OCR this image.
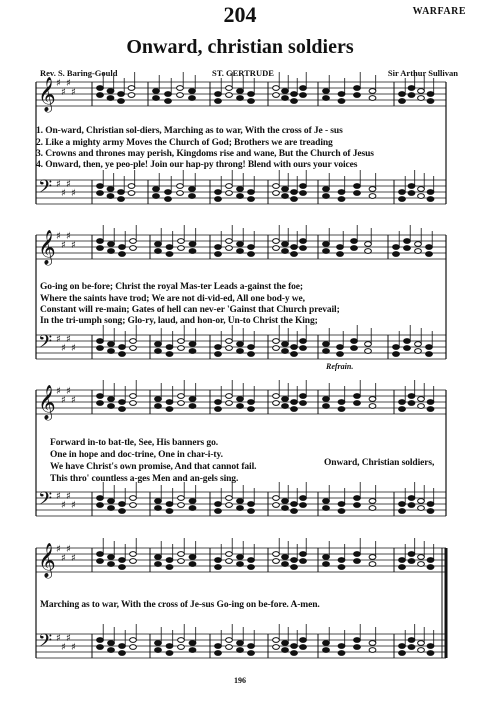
204	WARFARE
Onward, christian soldiers
Rev. S. Baring-Gould	ST. GERTRUDE	Sir Arthur Sullivan
𝄞 ♯
♯
♯
♯
𝄢 ♯
♯
♯
♯
𝄞 ♯
♯
♯
♯
𝄢 ♯
♯
♯
♯
𝄞 ♯
♯
♯
♯
𝄢 ♯
♯
♯
♯
𝄞 ♯
♯
♯
♯
𝄢 ♯
♯
♯
♯
1. On-ward, Christian sol-diers, Marching as to war, With the cross of Je - sus
2. Like a mighty army Moves the Church of God; Brothers we are treading
3. Crowns and thrones may perish, Kingdoms rise and wane, But the Church of Jesus
4. Onward, then, ye peo-ple! Join our hap-py throng! Blend with ours your voices
Go-ing on be-fore; Christ the royal Mas-ter Leads a-gainst the foe;
Where the saints have trod; We are not di-vid-ed, All one bod-y we,
Constant will re-main; Gates of hell can nev-er 'Gainst that Church prevail;
In the tri-umph song; Glo-ry, laud, and hon-or, Un-to Christ the King;
Refrain.
Forward in-to bat-tle, See, His banners go.
One in hope and doc-trine, One in char-i-ty.
We have Christ's own promise, And that cannot fail.
This thro' countless a-ges Men and an-gels sing.
Onward, Christian soldiers,
Marching as to war, With the cross of Je-sus Go-ing on be-fore. A-men.
196
